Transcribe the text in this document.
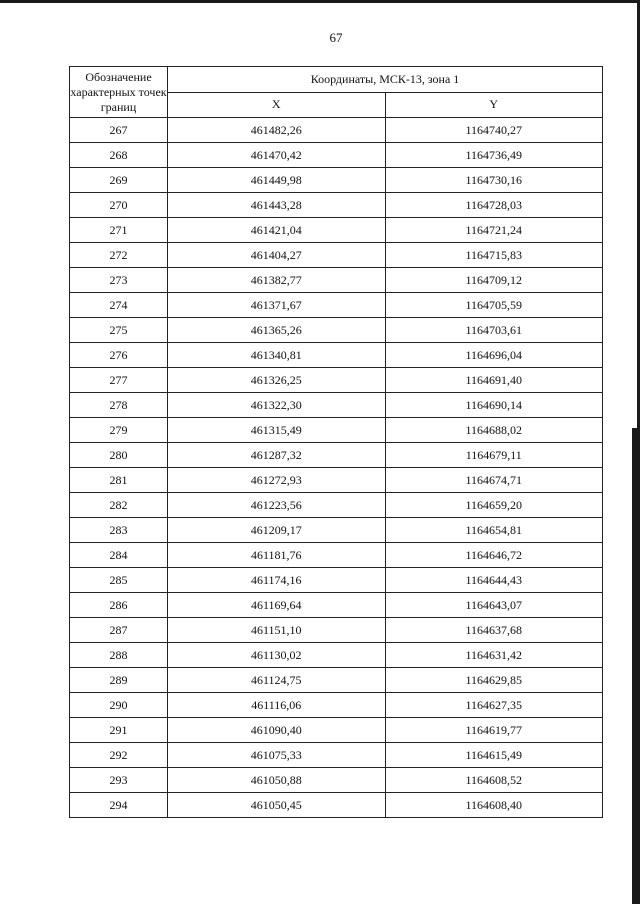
67
Обозначение характерных точек границ	Координаты, МСК-13, зона 1	
	X	Y
267	461482,26	1164740,27
268	461470,42	1164736,49
269	461449,98	1164730,16
270	461443,28	1164728,03
271	461421,04	1164721,24
272	461404,27	1164715,83
273	461382,77	1164709,12
274	461371,67	1164705,59
275	461365,26	1164703,61
276	461340,81	1164696,04
277	461326,25	1164691,40
278	461322,30	1164690,14
279	461315,49	1164688,02
280	461287,32	1164679,11
281	461272,93	1164674,71
282	461223,56	1164659,20
283	461209,17	1164654,81
284	461181,76	1164646,72
285	461174,16	1164644,43
286	461169,64	1164643,07
287	461151,10	1164637,68
288	461130,02	1164631,42
289	461124,75	1164629,85
290	461116,06	1164627,35
291	461090,40	1164619,77
292	461075,33	1164615,49
293	461050,88	1164608,52
294	461050,45	1164608,40
